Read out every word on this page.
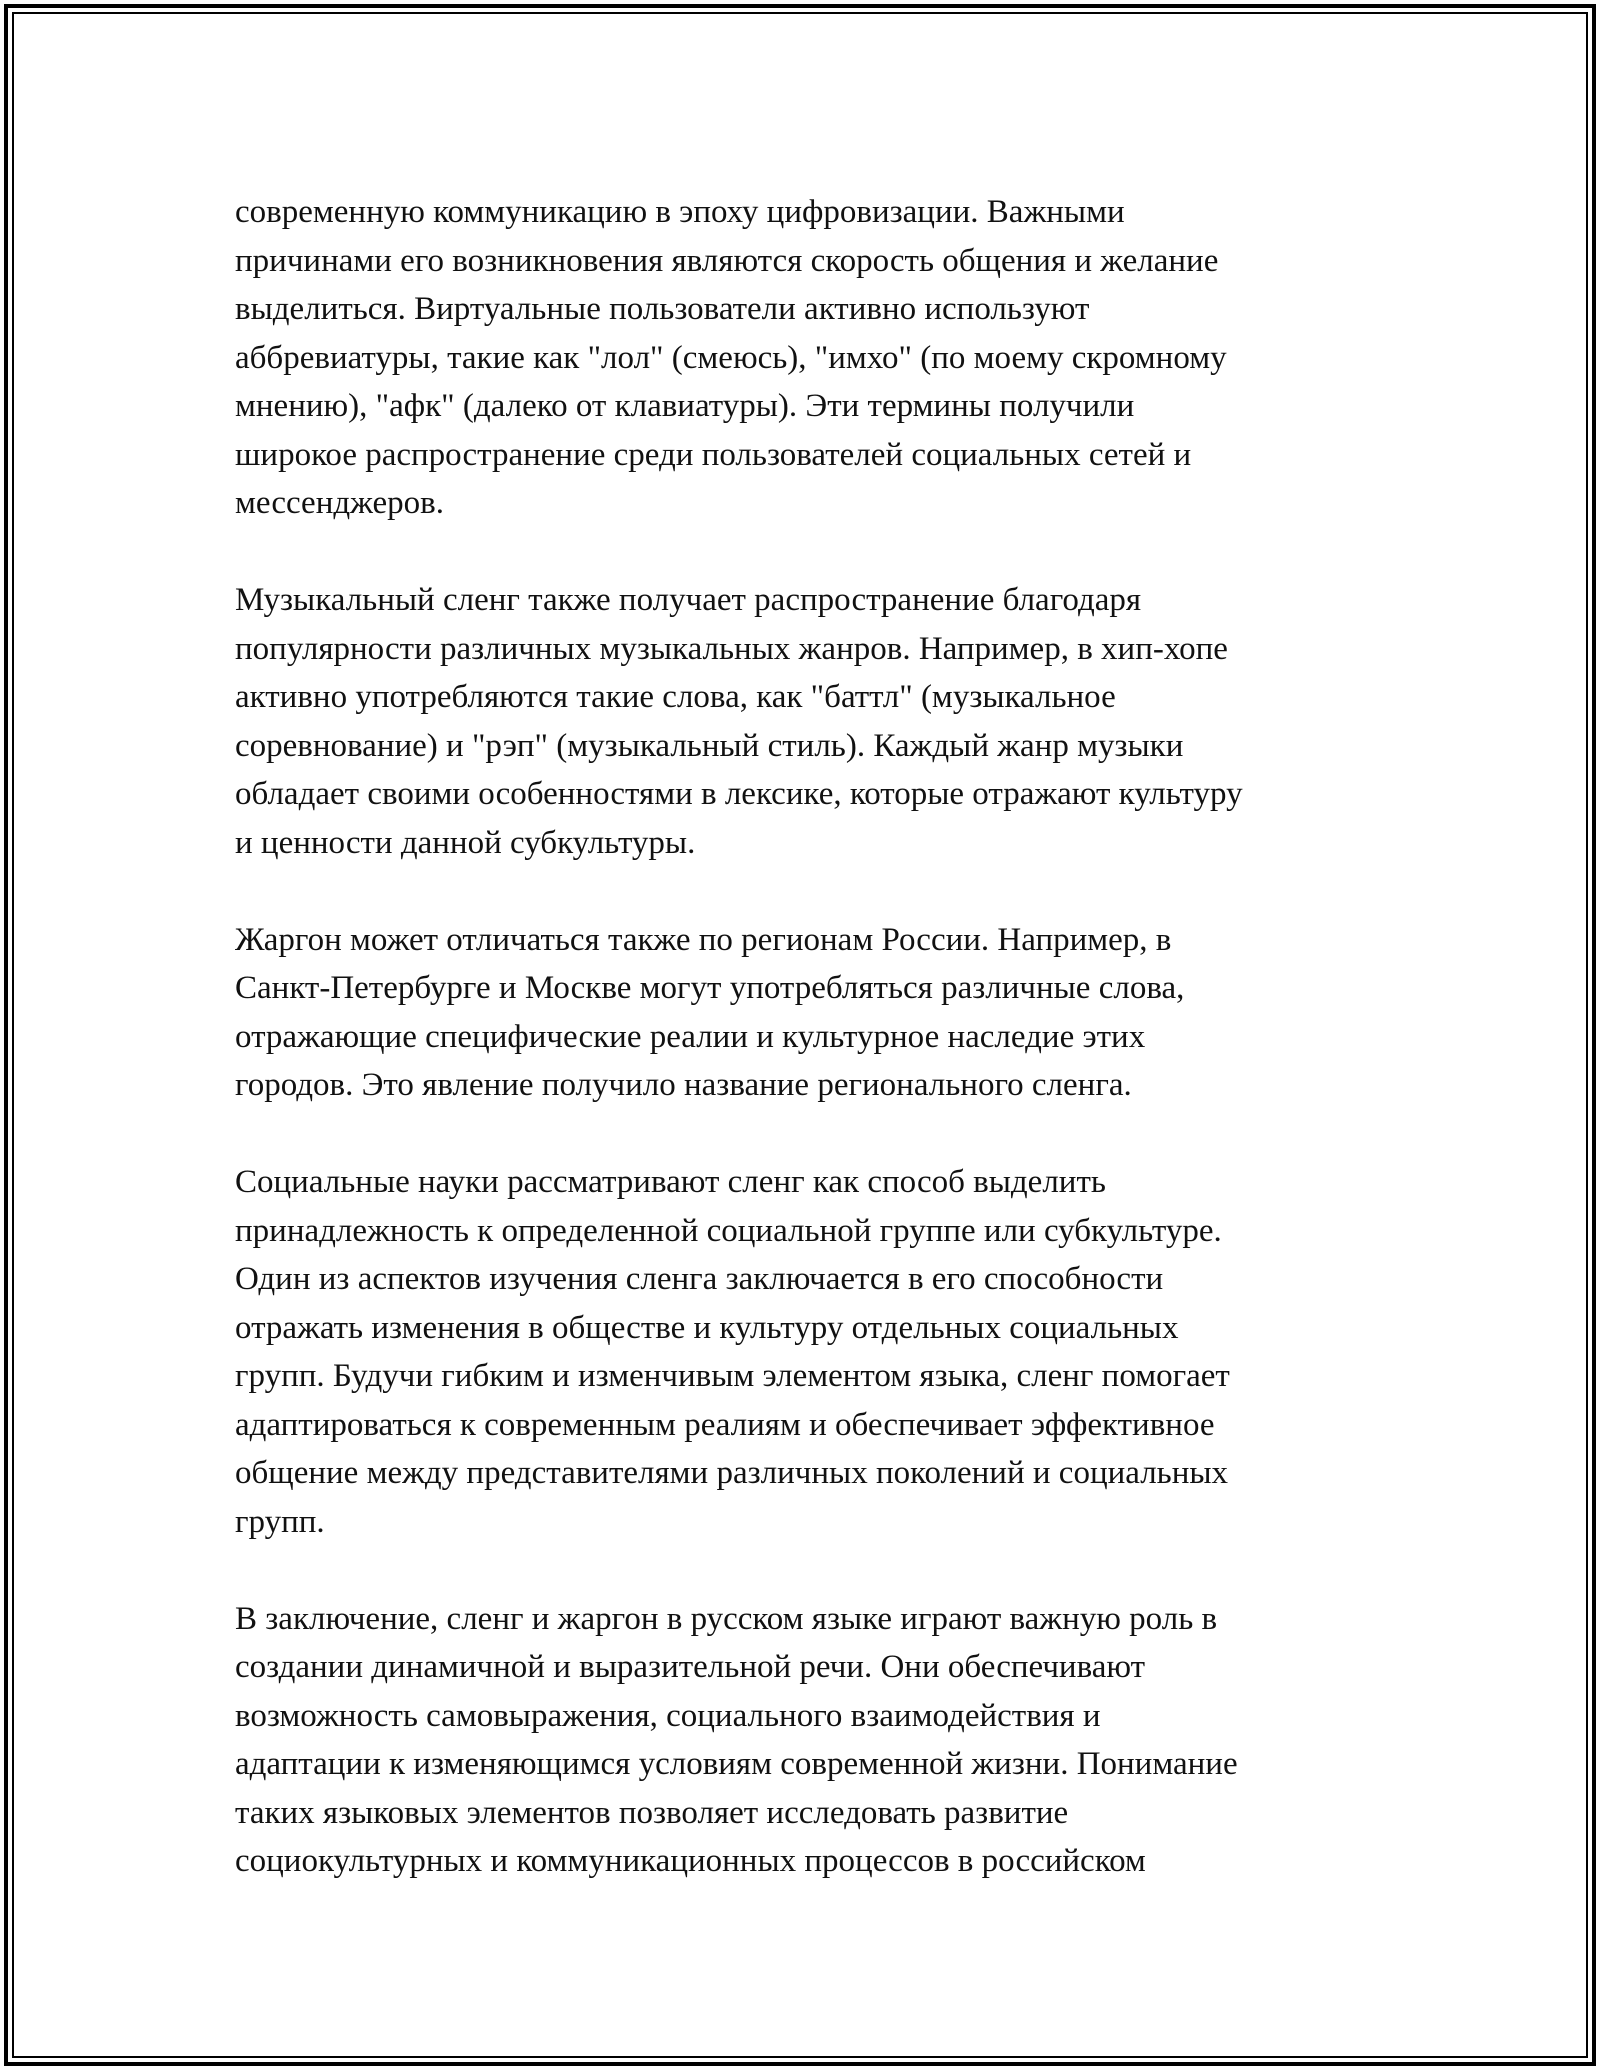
современную коммуникацию в эпоху цифровизации. Важными
причинами его возникновения являются скорость общения и желание
выделиться. Виртуальные пользователи активно используют
аббревиатуры, такие как "лол" (смеюсь), "имхо" (по моему скромному
мнению), "афк" (далеко от клавиатуры). Эти термины получили
широкое распространение среди пользователей социальных сетей и
мессенджеров.

Музыкальный сленг также получает распространение благодаря
популярности различных музыкальных жанров. Например, в хип-хопе
активно употребляются такие слова, как "баттл" (музыкальное
соревнование) и "рэп" (музыкальный стиль). Каждый жанр музыки
обладает своими особенностями в лексике, которые отражают культуру
и ценности данной субкультуры.

Жаргон может отличаться также по регионам России. Например, в
Санкт-Петербурге и Москве могут употребляться различные слова,
отражающие специфические реалии и культурное наследие этих
городов. Это явление получило название регионального сленга.

Социальные науки рассматривают сленг как способ выделить
принадлежность к определенной социальной группе или субкультуре.
Один из аспектов изучения сленга заключается в его способности
отражать изменения в обществе и культуру отдельных социальных
групп. Будучи гибким и изменчивым элементом языка, сленг помогает
адаптироваться к современным реалиям и обеспечивает эффективное
общение между представителями различных поколений и социальных
групп.

В заключение, сленг и жаргон в русском языке играют важную роль в
создании динамичной и выразительной речи. Они обеспечивают
возможность самовыражения, социального взаимодействия и
адаптации к изменяющимся условиям современной жизни. Понимание
таких языковых элементов позволяет исследовать развитие
социокультурных и коммуникационных процессов в российском
